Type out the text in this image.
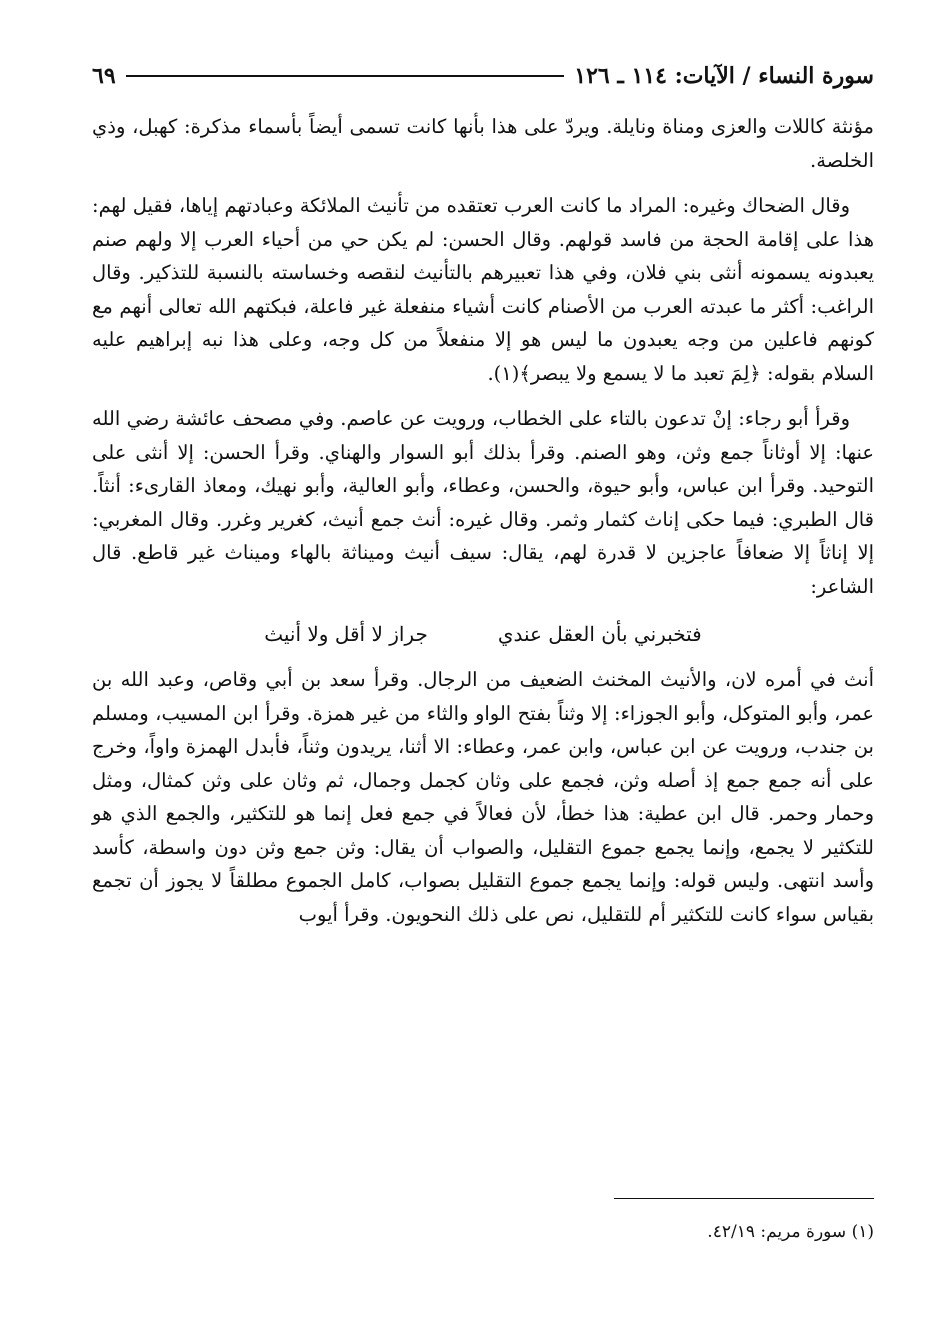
سورة النساء / الآيات: ١١٤ ـ ١٢٦
٦٩

مؤنثة كاللات والعزى ومناة ونايلة. ويردّ على هذا بأنها كانت تسمى أيضاً بأسماء مذكرة: كهبل، وذي الخلصة.

وقال الضحاك وغيره: المراد ما كانت العرب تعتقده من تأنيث الملائكة وعبادتهم إياها، فقيل لهم: هذا على إقامة الحجة من فاسد قولهم. وقال الحسن: لم يكن حي من أحياء العرب إلا ولهم صنم يعبدونه يسمونه أنثى بني فلان، وفي هذا تعبيرهم بالتأنيث لنقصه وخساسته بالنسبة للتذكير. وقال الراغب: أكثر ما عبدته العرب من الأصنام كانت أشياء منفعلة غير فاعلة، فبكتهم الله تعالى أنهم مع كونهم فاعلين من وجه يعبدون ما ليس هو إلا منفعلاً من كل وجه، وعلى هذا نبه إبراهيم عليه السلام بقوله: ﴿لِمَ تعبد ما لا يسمع ولا يبصر﴾(١).

وقرأ أبو رجاء: إنْ تدعون بالتاء على الخطاب، ورويت عن عاصم. وفي مصحف عائشة رضي الله عنها: إلا أوثاناً جمع وثن، وهو الصنم. وقرأ بذلك أبو السوار والهناي. وقرأ الحسن: إلا أنثى على التوحيد. وقرأ ابن عباس، وأبو حيوة، والحسن، وعطاء، وأبو العالية، وأبو نهيك، ومعاذ القارىء: أنثاً. قال الطبري: فيما حكى إناث كثمار وثمر. وقال غيره: أنث جمع أنيث، كغرير وغرر. وقال المغربي: إلا إناثاً إلا ضعافاً عاجزين لا قدرة لهم، يقال: سيف أنيث وميناثة بالهاء وميناث غير قاطع. قال الشاعر:

فتخبرني بأن العقل عندي
جراز لا أقل ولا أنيث

أنث في أمره لان، والأنيث المخنث الضعيف من الرجال. وقرأ سعد بن أبي وقاص، وعبد الله بن عمر، وأبو المتوكل، وأبو الجوزاء: إلا وثناً بفتح الواو والثاء من غير همزة. وقرأ ابن المسيب، ومسلم بن جندب، ورويت عن ابن عباس، وابن عمر، وعطاء: الا أثنا، يريدون وثناً، فأبدل الهمزة واواً، وخرج على أنه جمع جمع إذ أصله وثن، فجمع على وثان كجمل وجمال، ثم وثان على وثن كمثال، ومثل وحمار وحمر. قال ابن عطية: هذا خطأ، لأن فعالاً في جمع فعل إنما هو للتكثير، والجمع الذي هو للتكثير لا يجمع، وإنما يجمع جموع التقليل، والصواب أن يقال: وثن جمع وثن دون واسطة، كأسد وأسد انتهى. وليس قوله: وإنما يجمع جموع التقليل بصواب، كامل الجموع مطلقاً لا يجوز أن تجمع بقياس سواء كانت للتكثير أم للتقليل، نص على ذلك النحويون. وقرأ أيوب

(١) سورة مريم: ٤٢/١٩.
